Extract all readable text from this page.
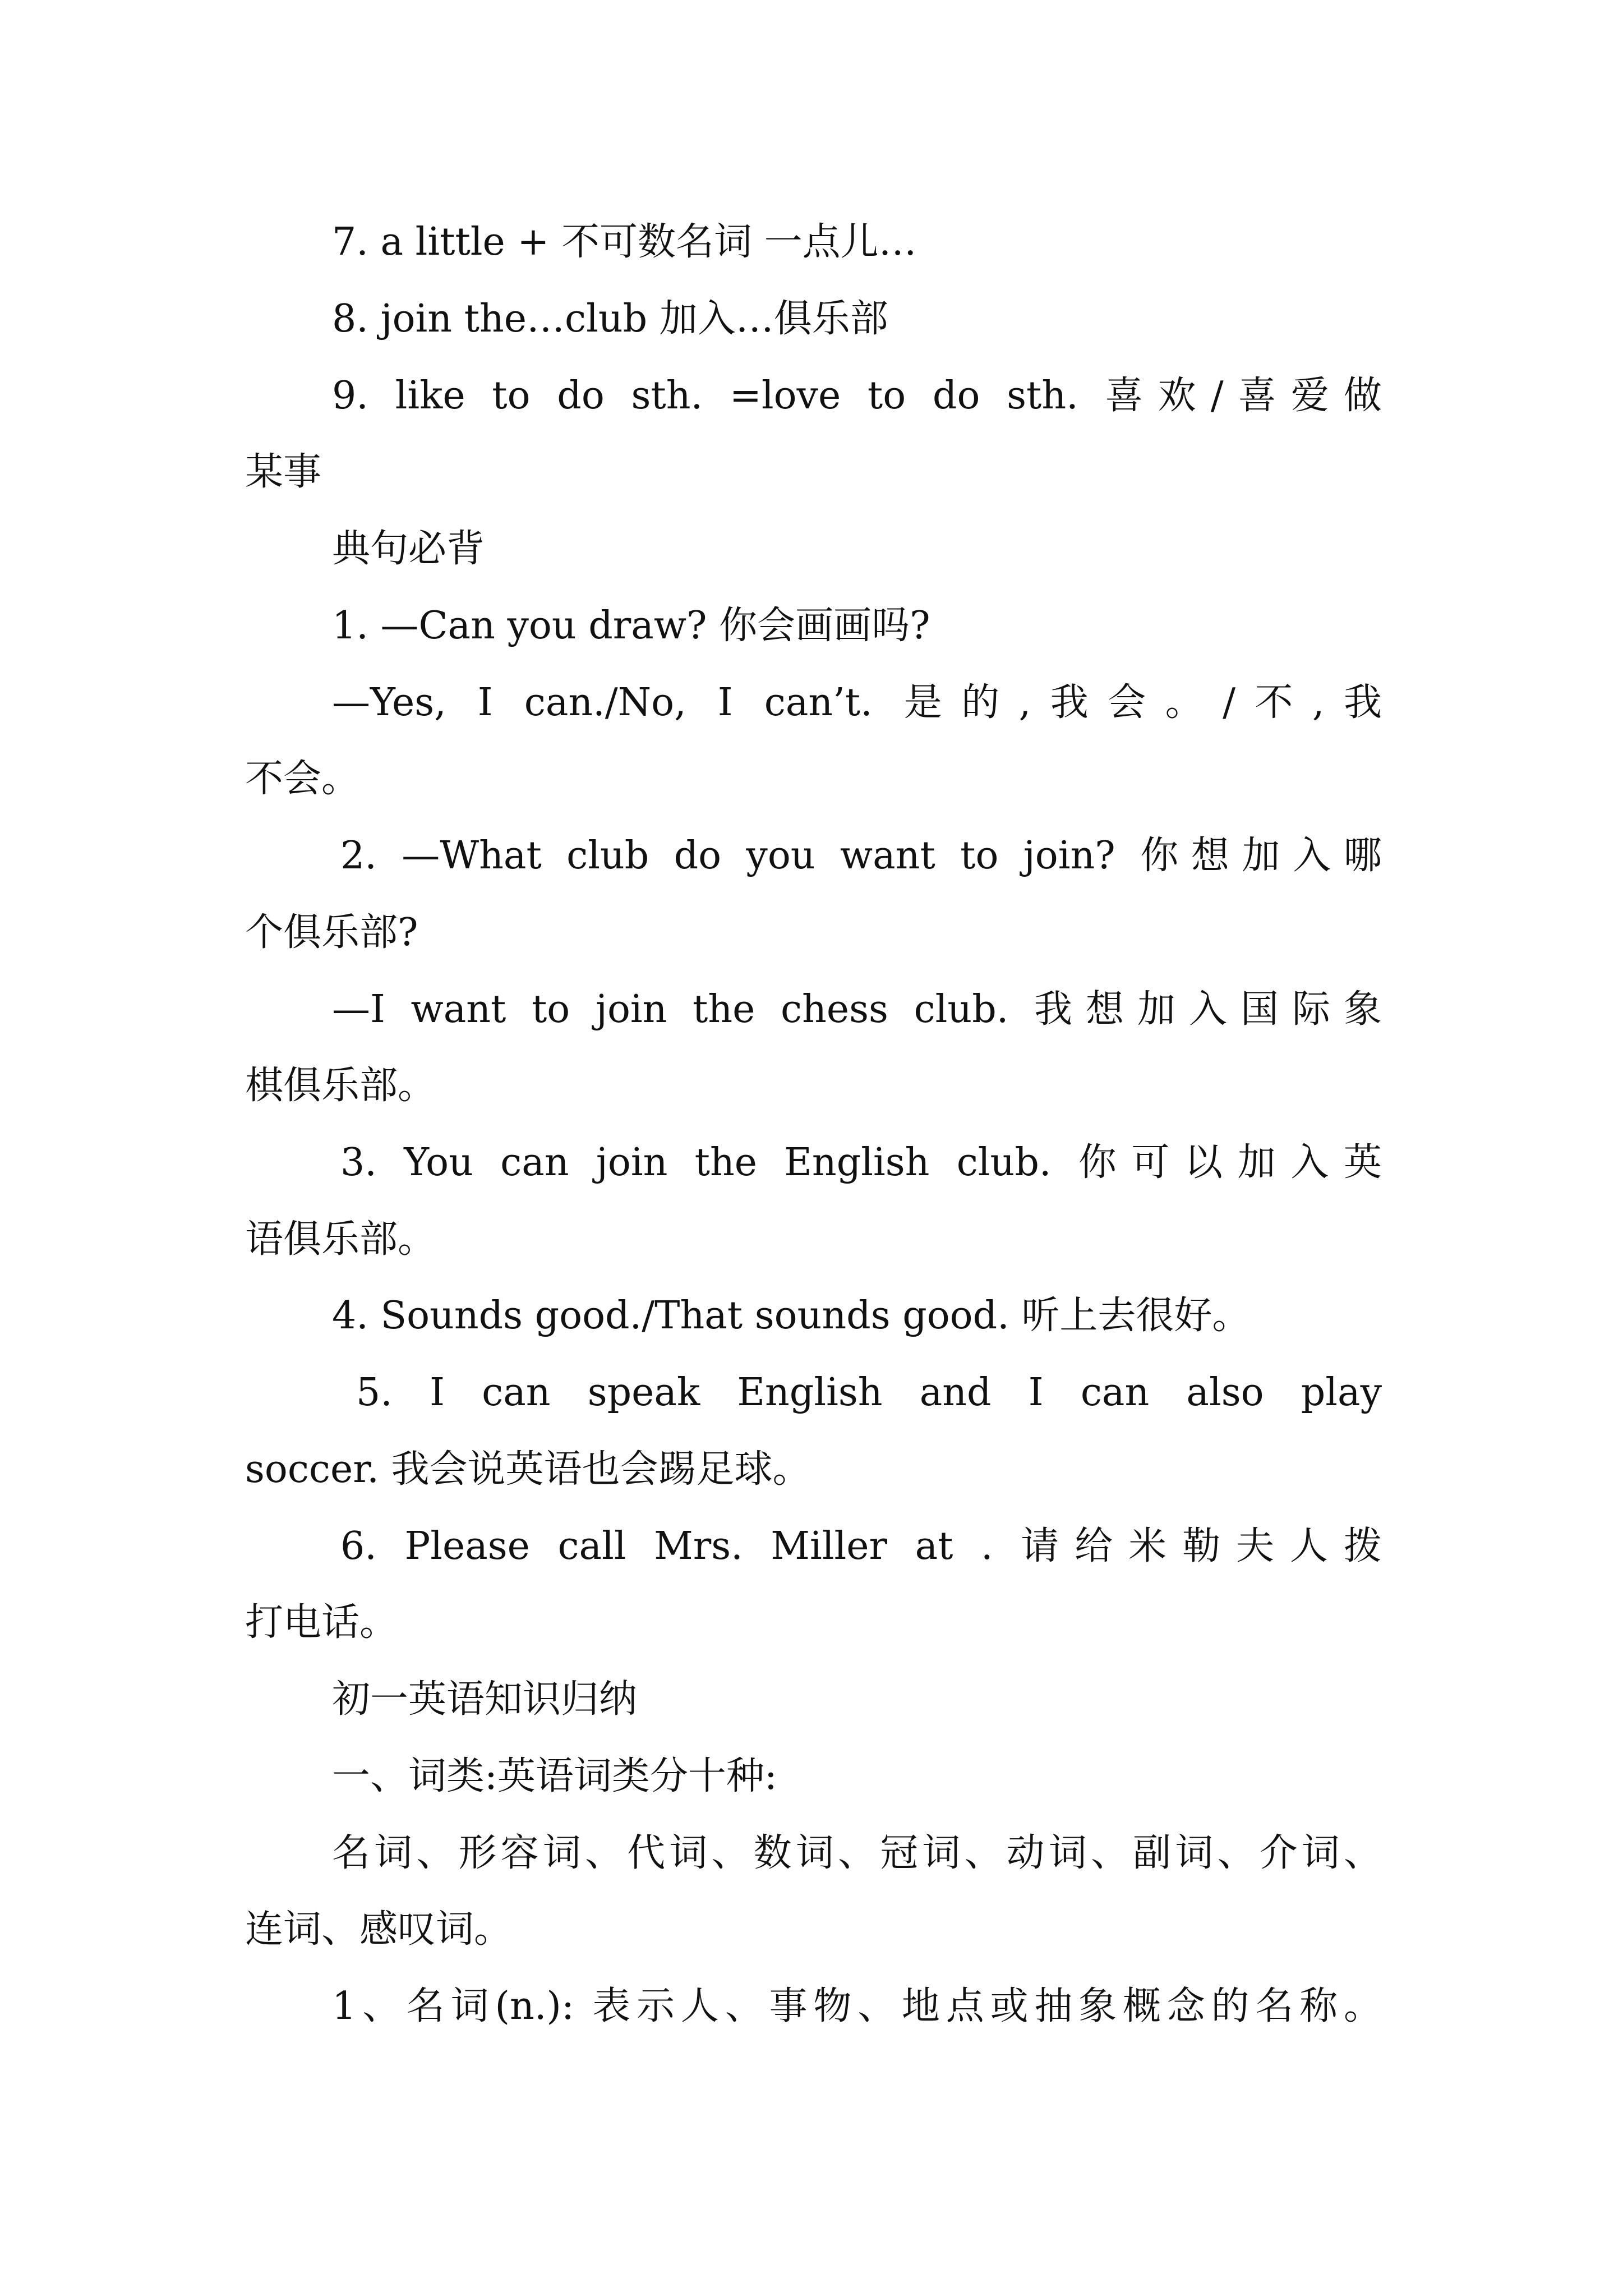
7. a little + 不可数名词 一点儿…
8. join the…club 加入…俱乐部
9. like to do sth. =love to do sth. 喜欢/喜爱做
某事
典句必背
1. —Can you draw? 你会画画吗?
—Yes, I can./No, I can’t. 是的,我会。/不,我
不会。
2. —What club do you want to join? 你想加入哪
个俱乐部?
—I want to join the chess club. 我想加入国际象
棋俱乐部。
3. You can join the English club. 你可以加入英
语俱乐部。
4. Sounds good./That sounds good. 听上去很好。
5. I can speak English and I can also play
soccer. 我会说英语也会踢足球。
6. Please call Mrs. Miller at . 请给米勒夫人拨
打电话。
初一英语知识归纳
一、词类:英语词类分十种:
名词、形容词、代词、数词、冠词、动词、副词、介词、
连词、感叹词。
1、名词(n.): 表示人、事物、地点或抽象概念的名称。
